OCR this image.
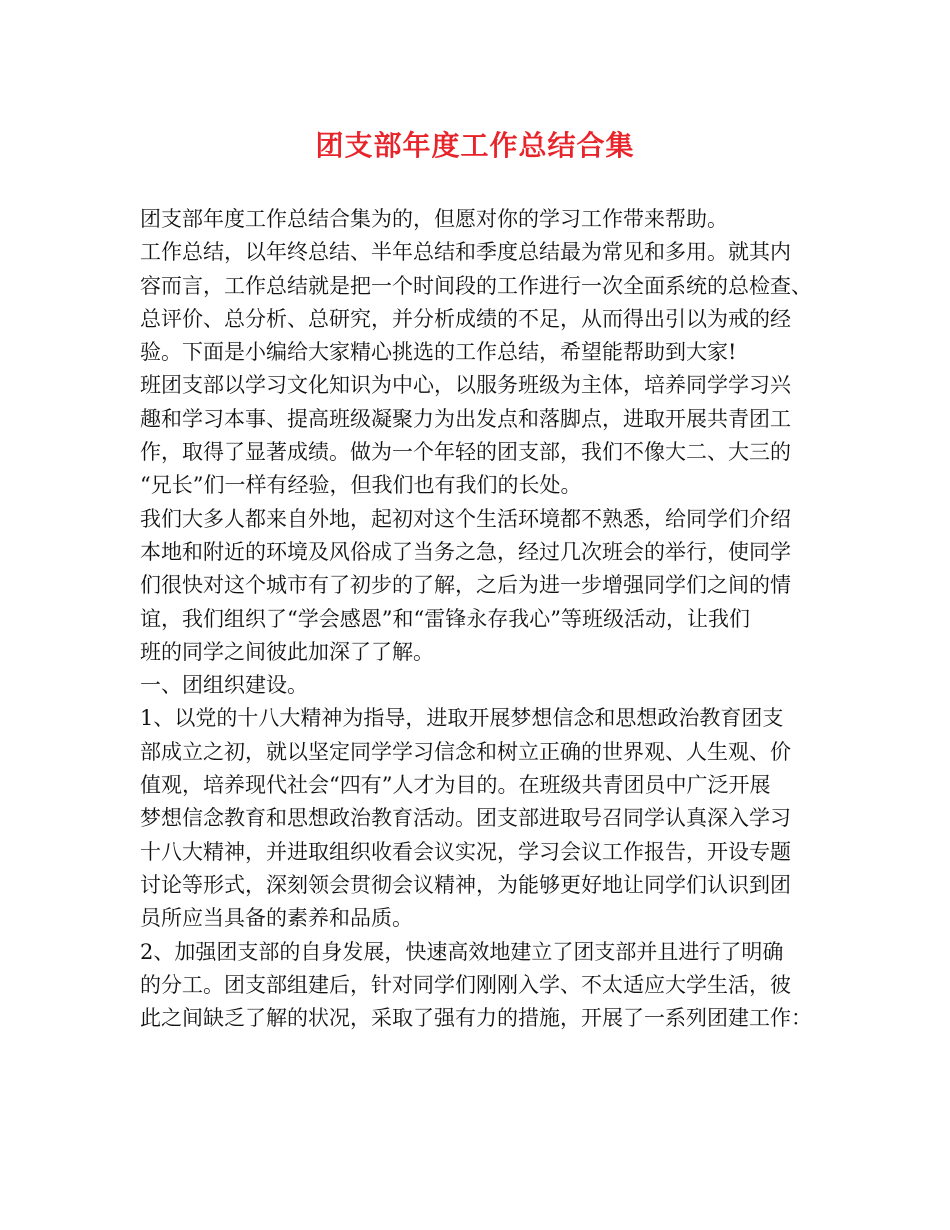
团支部年度工作总结合集

团支部年度工作总结合集为的，但愿对你的学习工作带来帮助。

工作总结，以年终总结、半年总结和季度总结最为常见和多用。就其内

容而言，工作总结就是把一个时间段的工作进行一次全面系统的总检查、

总评价、总分析、总研究，并分析成绩的不足，从而得出引以为戒的经

验。下面是小编给大家精心挑选的工作总结，希望能帮助到大家!

班团支部以学习文化知识为中心，以服务班级为主体，培养同学学习兴

趣和学习本事、提高班级凝聚力为出发点和落脚点，进取开展共青团工

作，取得了显著成绩。做为一个年轻的团支部，我们不像大二、大三的

“兄长”们一样有经验，但我们也有我们的长处。

我们大多人都来自外地，起初对这个生活环境都不熟悉，给同学们介绍

本地和附近的环境及风俗成了当务之急，经过几次班会的举行，使同学

们很快对这个城市有了初步的了解，之后为进一步增强同学们之间的情

谊，我们组织了“学会感恩”和“雷锋永存我心”等班级活动，让我们

班的同学之间彼此加深了了解。

一、团组织建设。

1、以党的十八大精神为指导，进取开展梦想信念和思想政治教育团支

部成立之初，就以坚定同学学习信念和树立正确的世界观、人生观、价

值观，培养现代社会“四有”人才为目的。在班级共青团员中广泛开展

梦想信念教育和思想政治教育活动。团支部进取号召同学认真深入学习

十八大精神，并进取组织收看会议实况，学习会议工作报告，开设专题

讨论等形式，深刻领会贯彻会议精神，为能够更好地让同学们认识到团

员所应当具备的素养和品质。

2、加强团支部的自身发展，快速高效地建立了团支部并且进行了明确

的分工。团支部组建后，针对同学们刚刚入学、不太适应大学生活，彼

此之间缺乏了解的状况，采取了强有力的措施，开展了一系列团建工作：
